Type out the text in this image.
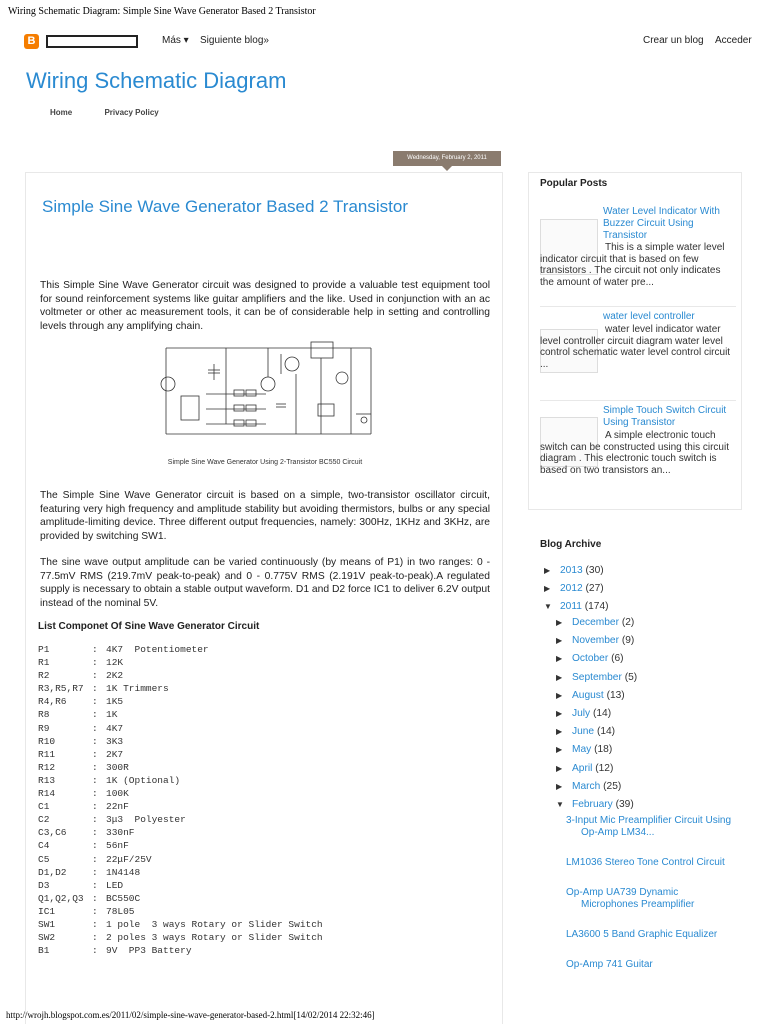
Wiring Schematic Diagram: Simple Sine Wave Generator Based 2 Transistor
B	Más ▾ Siguiente blog»	Crear un blog Acceder
Wiring Schematic Diagram
Home	Privacy Policy
Wednesday, February 2, 2011
Simple Sine Wave Generator Based 2 Transistor
This Simple Sine Wave Generator circuit was designed to provide a valuable test equipment tool for sound reinforcement systems like guitar amplifiers and the like. Used in conjunction with an ac voltmeter or other ac measurement tools, it can be of considerable help in setting and controlling levels through any amplifying chain.
Simple Sine Wave Generator Using 2-Transistor BC550 Circuit
The Simple Sine Wave Generator circuit is based on a simple, two-transistor oscillator circuit, featuring very high frequency and amplitude stability but avoiding thermistors, bulbs or any special amplitude-limiting device. Three different output frequencies, namely: 300Hz, 1KHz and 3KHz, are provided by switching SW1.
The sine wave output amplitude can be varied continuously (by means of P1) in two ranges: 0 - 77.5mV RMS (219.7mV peak-to-peak) and 0 - 0.775V RMS (2.191V peak-to-peak).A regulated supply is necessary to obtain a stable output waveform. D1 and D2 force IC1 to deliver 6.2V output instead of the nominal 5V.
List Componet Of Sine Wave Generator Circuit
P1	: 4K7  Potentiometer
R1	: 12K
R2	: 2K2
R3,R5,R7 : 1K Trimmers
R4,R6	: 1K5
R8	: 1K
R9	: 4K7
R10	: 3K3
R11	: 2K7
R12	: 300R
R13	: 1K (Optional)
R14	: 100K
C1	: 22nF
C2	: 3μ3  Polyester
C3,C6	: 330nF
C4	: 56nF
C5	: 22μF/25V
D1,D2	: 1N4148
D3	: LED
Q1,Q2,Q3 : BC550C
IC1	: 78L05
SW1	: 1 pole  3 ways Rotary or Slider Switch
SW2	: 2 poles 3 ways Rotary or Slider Switch
B1	: 9V  PP3 Battery
Popular Posts
Water Level Indicator With Buzzer Circuit Using Transistor
This is a simple water level indicator circuit that is based on few transistors . The circuit not only indicates the amount of water pre...
water level controller
water level indicator water level controller circuit diagram water level control schematic water level control circuit ...
Simple Touch Switch Circuit Using Transistor
A simple electronic touch switch can be constructed using this circuit diagram . This electronic touch switch is based on two transistors an...
Blog Archive
▶ 2013 (30)
▶ 2012 (27)
▼ 2011 (174)
▶ December (2)
▶ November (9)
▶ October (6)
▶ September (5)
▶ August (13)
▶ July (14)
▶ June (14)
▶ May (18)
▶ April (12)
▶ March (25)
▼ February (39)
3-Input Mic Preamplifier Circuit Using Op-Amp LM34...
LM1036 Stereo Tone Control Circuit
Op-Amp UA739 Dynamic Microphones Preamplifier
LA3600 5 Band Graphic Equalizer
Op-Amp 741 Guitar
http://wrojh.blogspot.com.es/2011/02/simple-sine-wave-generator-based-2.html[14/02/2014 22:32:46]
